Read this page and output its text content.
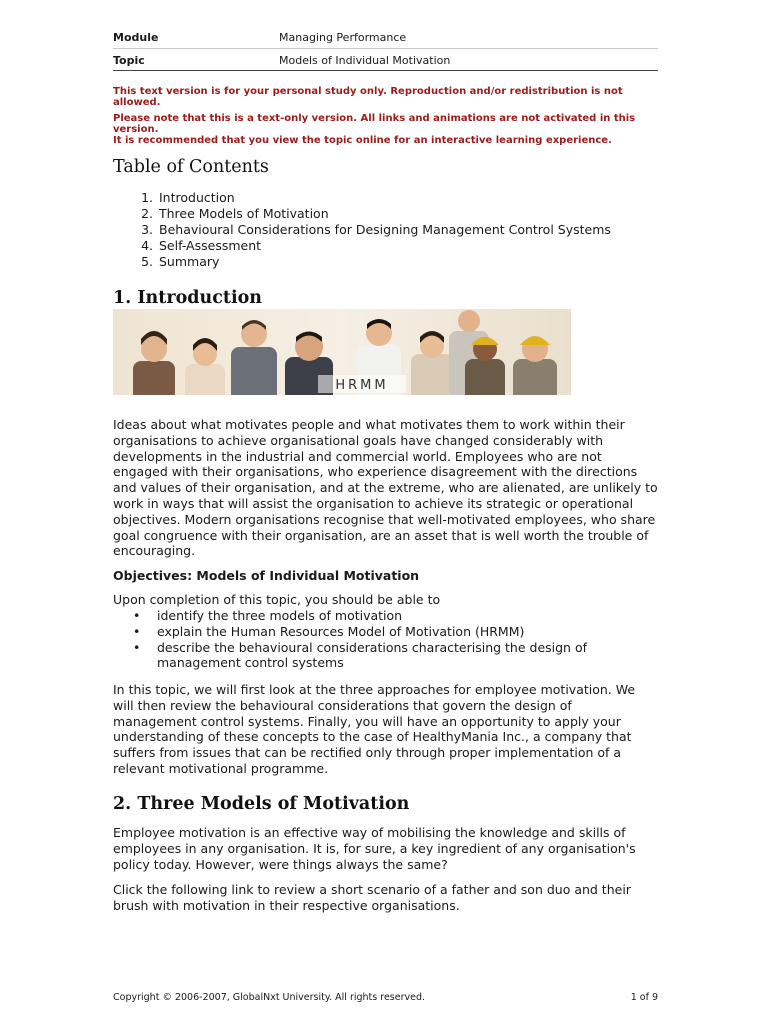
Module	Managing Performance
Topic	Models of Individual Motivation
This text version is for your personal study only. Reproduction and/or redistribution is not allowed.
Please note that this is a text-only version. All links and animations are not activated in this version.
It is recommended that you view the topic online for an interactive learning experience.
Table of Contents
1. Introduction
2. Three Models of Motivation
3. Behavioural Considerations for Designing Management Control Systems
4. Self-Assessment
5. Summary
1. Introduction
HRMM

Ideas about what motivates people and what motivates them to work within their organisations to achieve organisational goals have changed considerably with developments in the industrial and commercial world. Employees who are not engaged with their organisations, who experience disagreement with the directions and values of their organisation, and at the extreme, who are alienated, are unlikely to work in ways that will assist the organisation to achieve its strategic or operational objectives. Modern organisations recognise that well-motivated employees, who share goal congruence with their organisation, are an asset that is well worth the trouble of encouraging.

Objectives: Models of Individual Motivation

Upon completion of this topic, you should be able to

• identify the three models of motivation
• explain the Human Resources Model of Motivation (HRMM)
• describe the behavioural considerations characterising the design of management control systems

In this topic, we will first look at the three approaches for employee motivation. We will then review the behavioural considerations that govern the design of management control systems. Finally, you will have an opportunity to apply your understanding of these concepts to the case of HealthyMania Inc., a company that suffers from issues that can be rectified only through proper implementation of a relevant motivational programme.

2. Three Models of Motivation

Employee motivation is an effective way of mobilising the knowledge and skills of employees in any organisation. It is, for sure, a key ingredient of any organisation's policy today. However, were things always the same?

Click the following link to review a short scenario of a father and son duo and their brush with motivation in their respective organisations.

Copyright © 2006-2007, GlobalNxt University. All rights reserved.	1 of 9
